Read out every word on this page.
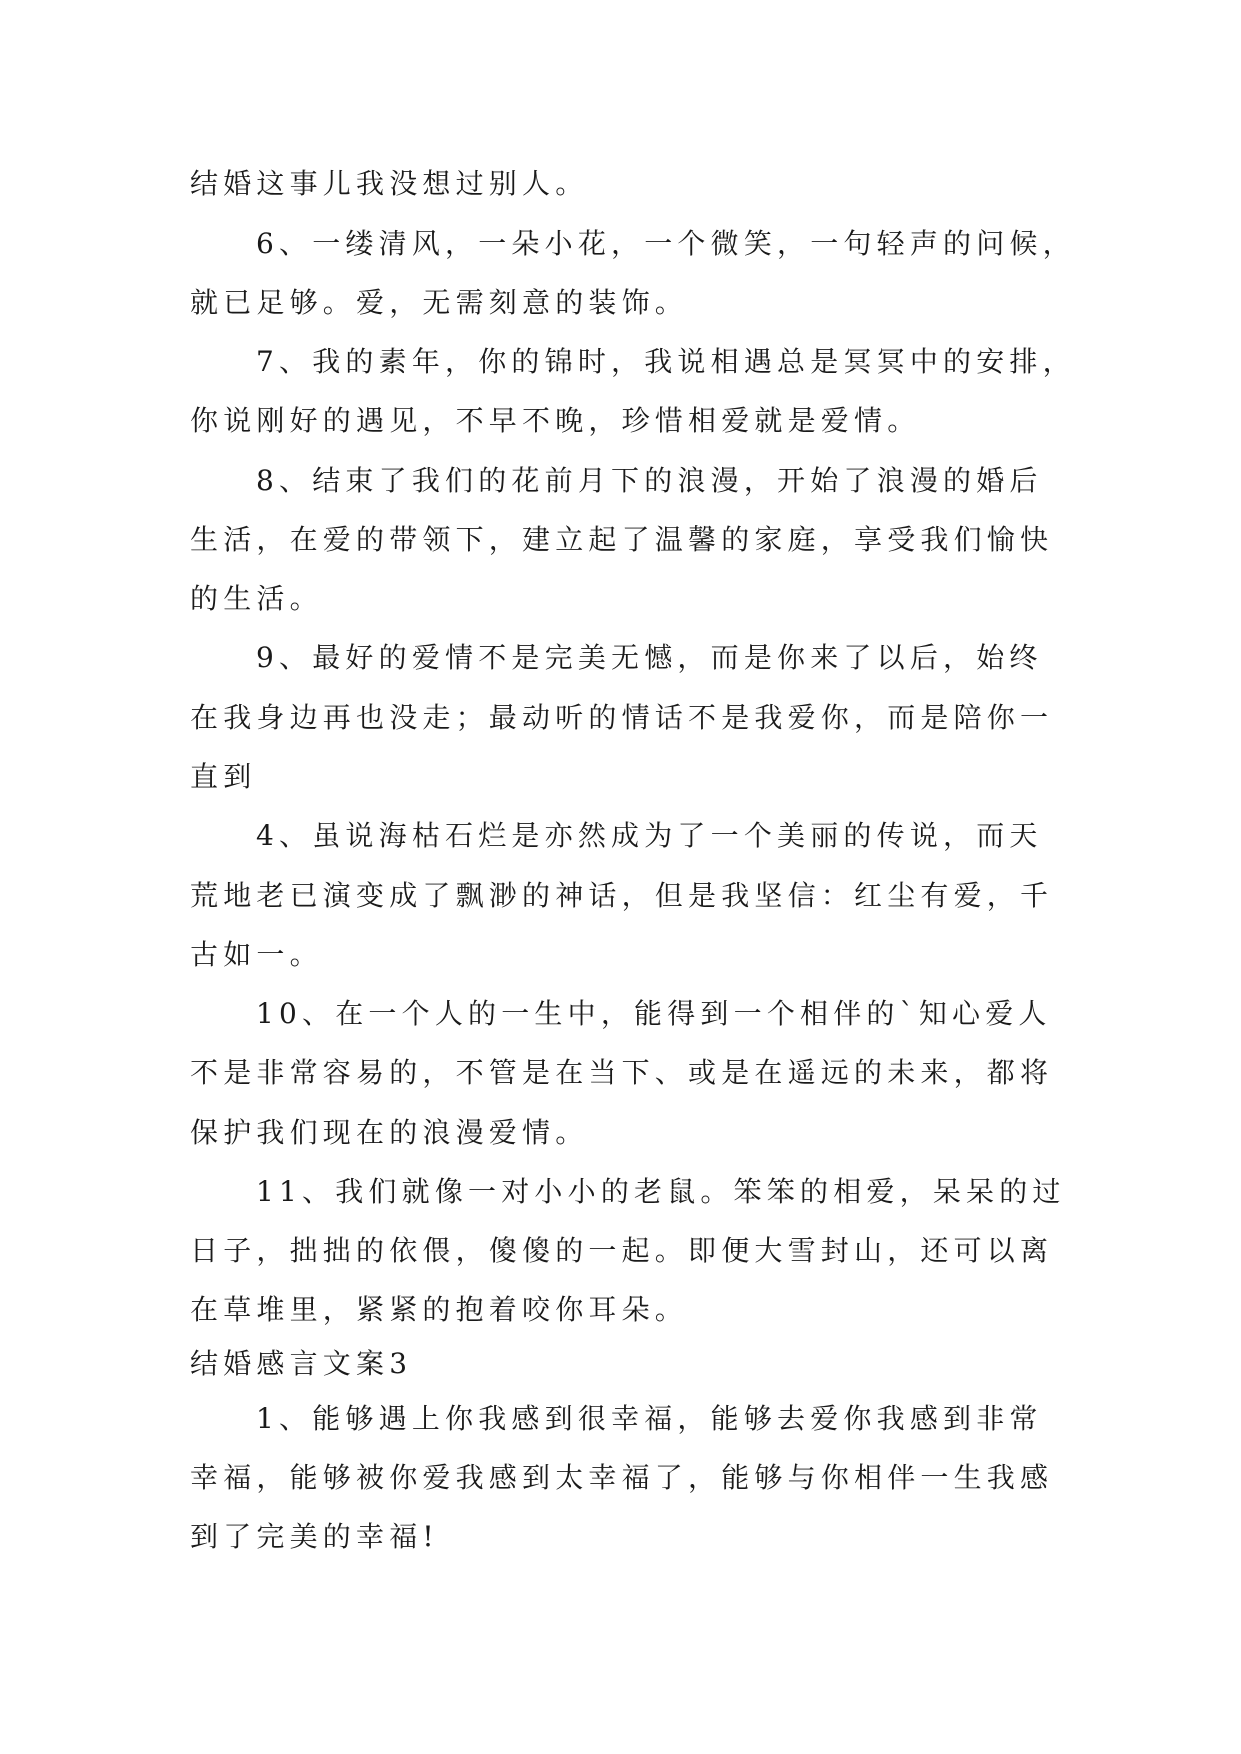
结婚这事儿我没想过别人。
6、一缕清风，一朵小花，一个微笑，一句轻声的问候，
就已足够。爱，无需刻意的装饰。
7、我的素年，你的锦时，我说相遇总是冥冥中的安排，
你说刚好的遇见，不早不晚，珍惜相爱就是爱情。
8、结束了我们的花前月下的浪漫，开始了浪漫的婚后
生活，在爱的带领下，建立起了温馨的家庭，享受我们愉快
的生活。
9、最好的爱情不是完美无憾，而是你来了以后，始终
在我身边再也没走；最动听的情话不是我爱你，而是陪你一
直到
4、虽说海枯石烂是亦然成为了一个美丽的传说，而天
荒地老已演变成了飘渺的神话，但是我坚信：红尘有爱，千
古如一。
10、在一个人的一生中，能得到一个相伴的`知心爱人
不是非常容易的，不管是在当下、或是在遥远的未来，都将
保护我们现在的浪漫爱情。
11、我们就像一对小小的老鼠。笨笨的相爱，呆呆的过
日子，拙拙的依偎，傻傻的一起。即便大雪封山，还可以离
在草堆里，紧紧的抱着咬你耳朵。
结婚感言文案3
1、能够遇上你我感到很幸福，能够去爱你我感到非常
幸福，能够被你爱我感到太幸福了，能够与你相伴一生我感
到了完美的幸福!
